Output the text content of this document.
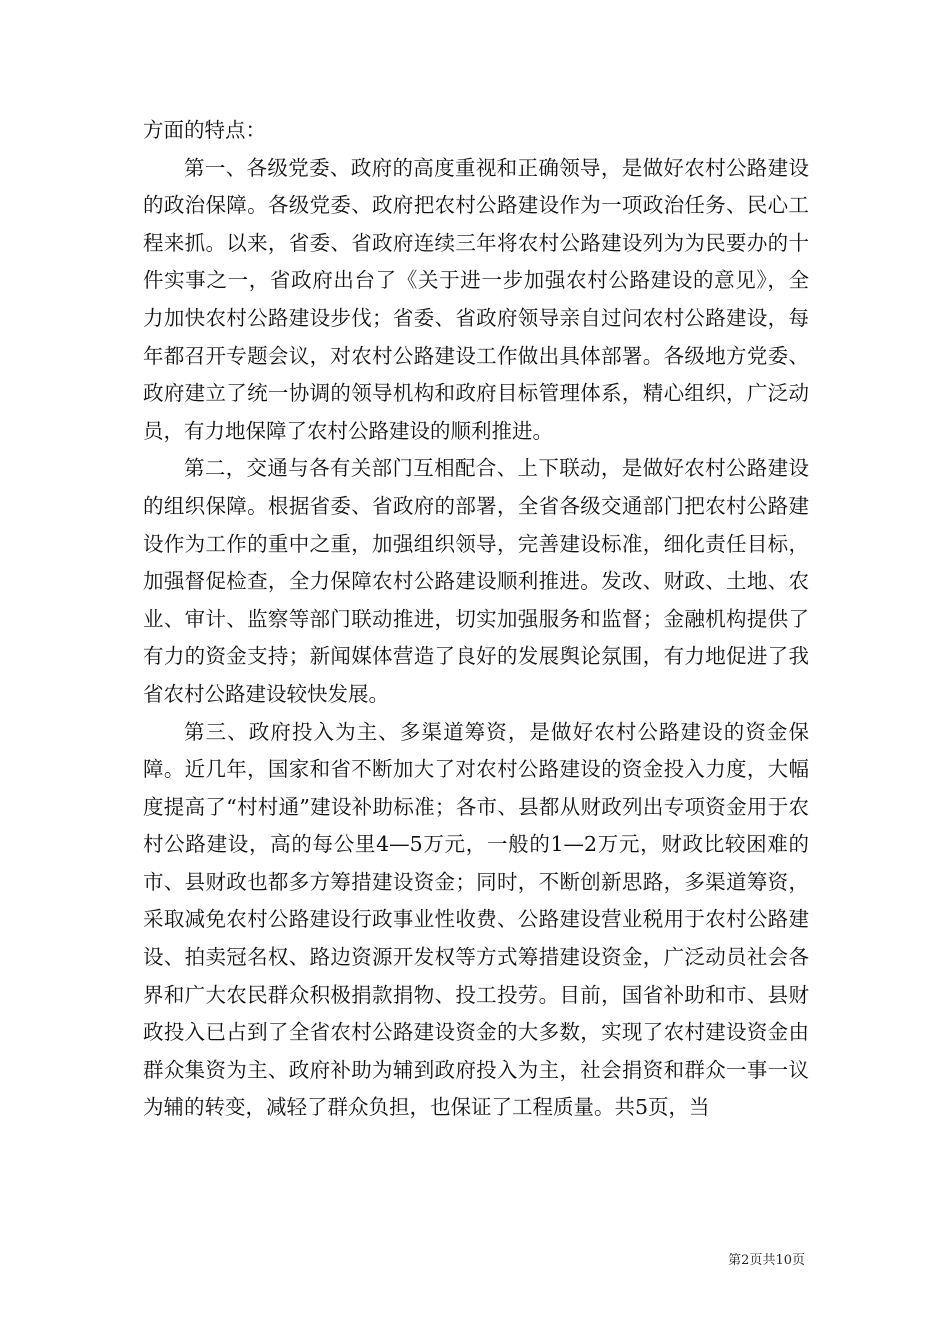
方面的特点：

第一、各级党委、政府的高度重视和正确领导，是做好农村公路建设的政治保障。各级党委、政府把农村公路建设作为一项政治任务、民心工程来抓。以来，省委、省政府连续三年将农村公路建设列为为民要办的十件实事之一，省政府出台了《关于进一步加强农村公路建设的意见》，全力加快农村公路建设步伐；省委、省政府领导亲自过问农村公路建设，每年都召开专题会议，对农村公路建设工作做出具体部署。各级地方党委、政府建立了统一协调的领导机构和政府目标管理体系，精心组织，广泛动员，有力地保障了农村公路建设的顺利推进。

第二，交通与各有关部门互相配合、上下联动，是做好农村公路建设的组织保障。根据省委、省政府的部署，全省各级交通部门把农村公路建设作为工作的重中之重，加强组织领导，完善建设标准，细化责任目标，加强督促检查，全力保障农村公路建设顺利推进。发改、财政、土地、农业、审计、监察等部门联动推进，切实加强服务和监督；金融机构提供了有力的资金支持；新闻媒体营造了良好的发展舆论氛围，有力地促进了我省农村公路建设较快发展。

第三、政府投入为主、多渠道筹资，是做好农村公路建设的资金保障。近几年，国家和省不断加大了对农村公路建设的资金投入力度，大幅度提高了“村村通”建设补助标准；各市、县都从财政列出专项资金用于农村公路建设，高的每公里4—5万元，一般的1—2万元，财政比较困难的市、县财政也都多方筹措建设资金；同时，不断创新思路，多渠道筹资，采取减免农村公路建设行政事业性收费、公路建设营业税用于农村公路建设、拍卖冠名权、路边资源开发权等方式筹措建设资金，广泛动员社会各界和广大农民群众积极捐款捐物、投工投劳。目前，国省补助和市、县财政投入已占到了全省农村公路建设资金的大多数，实现了农村建设资金由群众集资为主、政府补助为辅到政府投入为主，社会捐资和群众一事一议为辅的转变，减轻了群众负担，也保证了工程质量。共5页，当

第2页共10页
